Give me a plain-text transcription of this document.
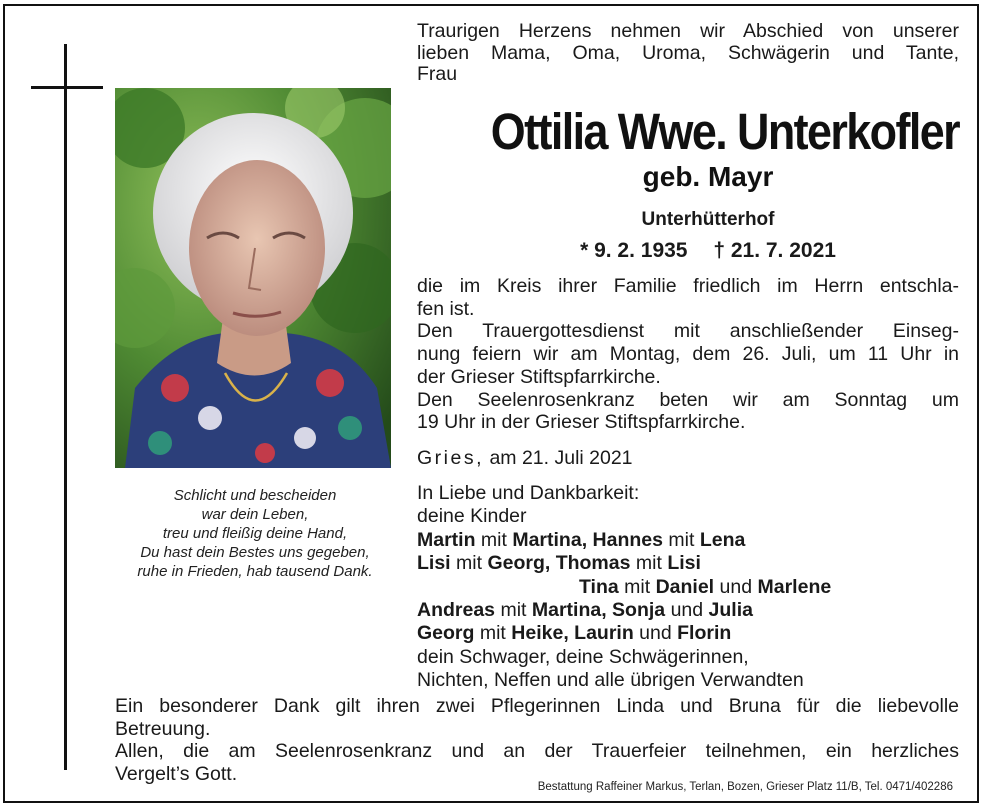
Schlicht und bescheiden
war dein Leben,
treu und fleißig deine Hand,
Du hast dein Bestes uns gegeben,
ruhe in Frieden, hab tausend Dank.
Traurigen Herzens nehmen wir Abschied von unserer
lieben Mama, Oma, Uroma, Schwägerin und Tante,
Frau
Ottilia Wwe. Unterkofler
geb. Mayr
Unterhütterhof
* 9. 2. 1935 † 21. 7. 2021
die im Kreis ihrer Familie friedlich im Herrn entschla-
fen ist.
Den Trauergottesdienst mit anschließender Einseg-
nung feiern wir am Montag, dem 26. Juli, um 11 Uhr in
der Grieser Stiftspfarrkirche.
Den Seelenrosenkranz beten wir am Sonntag um
19 Uhr in der Grieser Stiftspfarrkirche.
Gries, am 21. Juli 2021
In Liebe und Dankbarkeit:
deine Kinder
Martin mit Martina, Hannes mit Lena
Lisi mit Georg, Thomas mit Lisi
Tina mit Daniel und Marlene
Andreas mit Martina, Sonja und Julia
Georg mit Heike, Laurin und Florin
dein Schwager, deine Schwägerinnen,
Nichten, Neffen und alle übrigen Verwandten
Ein besonderer Dank gilt ihren zwei Pflegerinnen Linda und Bruna für die liebevolle
Betreuung.
Allen, die am Seelenrosenkranz und an der Trauerfeier teilnehmen, ein herzliches
Vergelt’s Gott.
Bestattung Raffeiner Markus, Terlan, Bozen, Grieser Platz 11/B, Tel. 0471/402286
